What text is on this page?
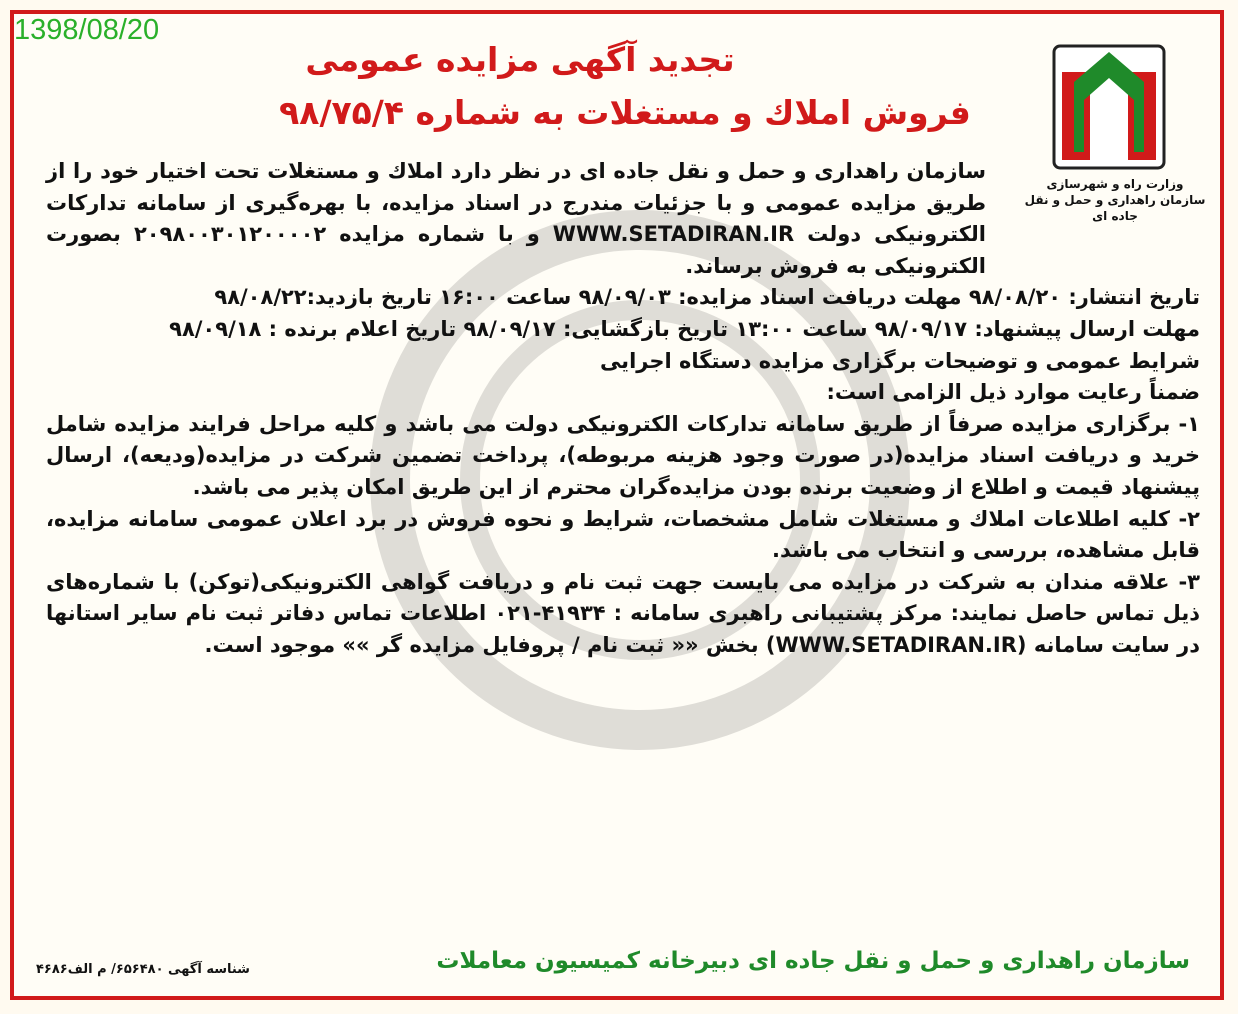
1398/08/20
وزارت راه و شهرسازی
سازمان راهداری و حمل و نقل جاده ای
تجدید آگهی مزایده عمومی
فروش املاك و مستغلات به شماره ۹۸/۷۵/۴

سازمان راهداری و حمل و نقل جاده ای در نظر دارد املاك و مستغلات تحت اختیار خود را از طریق مزایده عمومی و با جزئیات مندرج در اسناد مزایده، با بهره‌گیری از سامانه تدارکات الکترونیکی دولت WWW.SETADIRAN.IR و با شماره مزایده ۲۰۹۸۰۰۳۰۱۲۰۰۰۰۲ بصورت الکترونیکی به فروش برساند.

تاریخ انتشار: ۹۸/۰۸/۲۰ مهلت دریافت اسناد مزایده: ۹۸/۰۹/۰۳ ساعت ۱۶:۰۰ تاریخ بازدید:۹۸/۰۸/۲۲

مهلت ارسال پیشنهاد: ۹۸/۰۹/۱۷ ساعت ۱۳:۰۰ تاریخ بازگشایی: ۹۸/۰۹/۱۷ تاریخ اعلام برنده : ۹۸/۰۹/۱۸

شرایط عمومی و توضیحات برگزاری مزایده دستگاه اجرایی

ضمناً رعایت موارد ذیل الزامی است:

۱- برگزاری مزایده صرفاً از طریق سامانه تدارکات الکترونیکی دولت می باشد و کلیه مراحل فرایند مزایده شامل خرید و دریافت اسناد مزایده(در صورت وجود هزینه مربوطه)، پرداخت تضمین شرکت در مزایده(ودیعه)، ارسال پیشنهاد قیمت و اطلاع از وضعیت برنده بودن مزایده‌گران محترم از این طریق امکان پذیر می باشد.

۲- کلیه اطلاعات املاك و مستغلات شامل مشخصات، شرایط و نحوه فروش در برد اعلان عمومی سامانه مزایده، قابل مشاهده، بررسی و انتخاب می باشد.

۳- علاقه مندان به شرکت در مزایده می بایست جهت ثبت نام و دریافت گواهی الکترونیکی(توکن) با شماره‌های ذیل تماس حاصل نمایند: مرکز پشتیبانی راهبری سامانه : ۴۱۹۳۴-۰۲۱ اطلاعات تماس دفاتر ثبت نام سایر استانها در سایت سامانه (WWW.SETADIRAN.IR) بخش «« ثبت نام / پروفایل مزایده گر »» موجود است.

شناسه آگهی ۶۵۶۴۸۰/ م الف۴۶۸۶	سازمان راهداری و حمل و نقل جاده ای دبیرخانه کمیسیون معاملات
